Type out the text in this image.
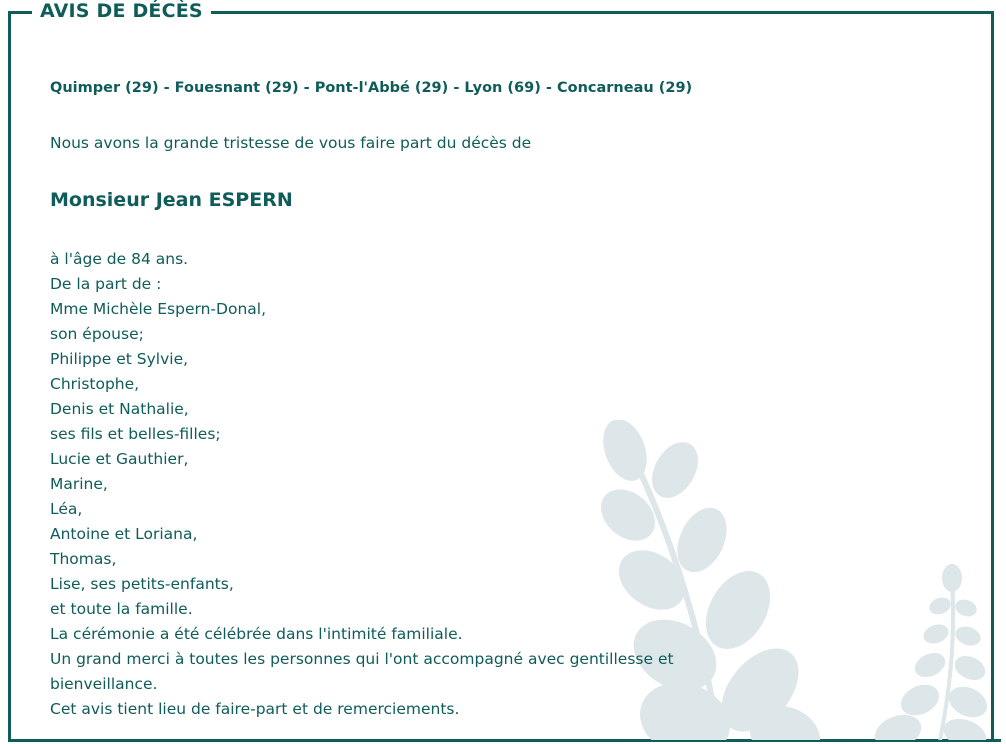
AVIS DE DÉCÈS
Quimper (29) - Fouesnant (29) - Pont-l'Abbé (29) - Lyon (69) - Concarneau (29)
Nous avons la grande tristesse de vous faire part du décès de
Monsieur Jean ESPERN
à l'âge de 84 ans.
De la part de :
Mme Michèle Espern-Donal,
son épouse;
Philippe et Sylvie,
Christophe,
Denis et Nathalie,
ses fils et belles-filles;
Lucie et Gauthier,
Marine,
Léa,
Antoine et Loriana,
Thomas,
Lise, ses petits-enfants,
et toute la famille.
La cérémonie a été célébrée dans l'intimité familiale.
Un grand merci à toutes les personnes qui l'ont accompagné avec gentillesse et
bienveillance.
Cet avis tient lieu de faire-part et de remerciements.
